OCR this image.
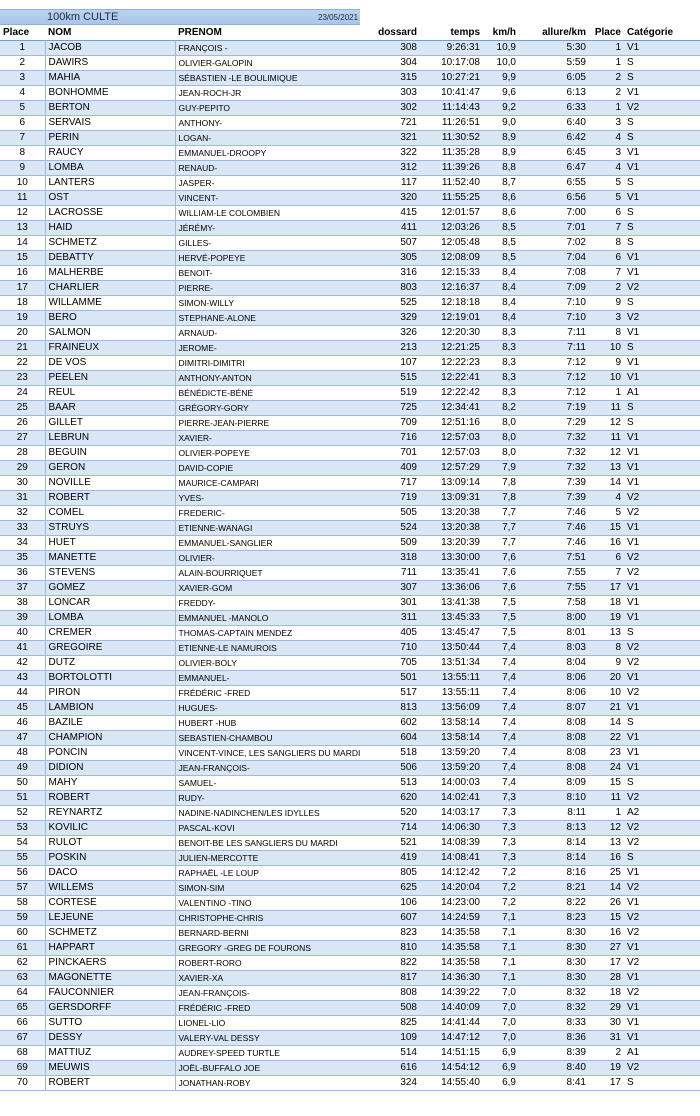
100km CULTE	23/05/2021
Place	NOM	PRENOM	dossard	temps	km/h	allure/km	Place	Catégorie
1	JACOB	FRANÇOIS -	308	9:26:31	10,9	5:30	1	V1
2	DAWIRS	OLIVIER-GALOPIN	304	10:17:08	10,0	5:59	1	S
3	MAHIA	SÉBASTIEN -LE BOULIMIQUE	315	10:27:21	9,9	6:05	2	S
4	BONHOMME	JEAN-ROCH-JR	303	10:41:47	9,6	6:13	2	V1
5	BERTON	GUY-PEPITO	302	11:14:43	9,2	6:33	1	V2
6	SERVAIS	ANTHONY-	721	11:26:51	9,0	6:40	3	S
7	PERIN	LOGAN-	321	11:30:52	8,9	6:42	4	S
8	RAUCY	EMMANUEL-DROOPY	322	11:35:28	8,9	6:45	3	V1
9	LOMBA	RENAUD-	312	11:39:26	8,8	6:47	4	V1
10	LANTERS	JASPER-	117	11:52:40	8,7	6:55	5	S
11	OST	VINCENT-	320	11:55:25	8,6	6:56	5	V1
12	LACROSSE	WILLIAM-LE COLOMBIEN	415	12:01:57	8,6	7:00	6	S
13	HAID	JÉRÉMY-	411	12:03:26	8,5	7:01	7	S
14	SCHMETZ	GILLES-	507	12:05:48	8,5	7:02	8	S
15	DEBATTY	HERVÉ-POPEYE	305	12:08:09	8,5	7:04	6	V1
16	MALHERBE	BENOIT-	316	12:15:33	8,4	7:08	7	V1
17	CHARLIER	PIERRE-	803	12:16:37	8,4	7:09	2	V2
18	WILLAMME	SIMON-WILLY	525	12:18:18	8,4	7:10	9	S
19	BERO	STEPHANE-ALONE	329	12:19:01	8,4	7:10	3	V2
20	SALMON	ARNAUD-	326	12:20:30	8,3	7:11	8	V1
21	FRAINEUX	JEROME-	213	12:21:25	8,3	7:11	10	S
22	DE VOS	DIMITRI-DIMITRI	107	12:22:23	8,3	7:12	9	V1
23	PEELEN	ANTHONY-ANTON	515	12:22:41	8,3	7:12	10	V1
24	REUL	BÉNÉDICTE-BÉNÉ	519	12:22:42	8,3	7:12	1	A1
25	BAAR	GRÉGORY-GORY	725	12:34:41	8,2	7:19	11	S
26	GILLET	PIERRE-JEAN-PIERRE	709	12:51:16	8,0	7:29	12	S
27	LEBRUN	XAVIER-	716	12:57:03	8,0	7:32	11	V1
28	BEGUIN	OLIVIER-POPEYE	701	12:57:03	8,0	7:32	12	V1
29	GERON	DAVID-COPIE	409	12:57:29	7,9	7:32	13	V1
30	NOVILLE	MAURICE-CAMPARI	717	13:09:14	7,8	7:39	14	V1
31	ROBERT	YVES-	719	13:09:31	7,8	7:39	4	V2
32	COMEL	FREDERIC-	505	13:20:38	7,7	7:46	5	V2
33	STRUYS	ETIENNE-WANAGI	524	13:20:38	7,7	7:46	15	V1
34	HUET	EMMANUEL-SANGLIER	509	13:20:39	7,7	7:46	16	V1
35	MANETTE	OLIVIER-	318	13:30:00	7,6	7:51	6	V2
36	STEVENS	ALAIN-BOURRIQUET	711	13:35:41	7,6	7:55	7	V2
37	GOMEZ	XAVIER-GOM	307	13:36:06	7,6	7:55	17	V1
38	LONCAR	FREDDY-	301	13:41:38	7,5	7:58	18	V1
39	LOMBA	EMMANUEL -MANOLO	311	13:45:33	7,5	8:00	19	V1
40	CREMER	THOMAS-CAPTAIN MENDEZ	405	13:45:47	7,5	8:01	13	S
41	GREGOIRE	ETIENNE-LE NAMUROIS	710	13:50:44	7,4	8:03	8	V2
42	DUTZ	OLIVIER-BOLY	705	13:51:34	7,4	8:04	9	V2
43	BORTOLOTTI	EMMANUEL-	501	13:55:11	7,4	8:06	20	V1
44	PIRON	FRÉDÉRIC -FRED	517	13:55:11	7,4	8:06	10	V2
45	LAMBION	HUGUES-	813	13:56:09	7,4	8:07	21	V1
46	BAZILE	HUBERT -HUB	602	13:58:14	7,4	8:08	14	S
47	CHAMPION	SEBASTIEN-CHAMBOU	604	13:58:14	7,4	8:08	22	V1
48	PONCIN	VINCENT-VINCE, LES SANGLIERS DU MARDI	518	13:59:20	7,4	8:08	23	V1
49	DIDION	JEAN-FRANÇOIS-	506	13:59:20	7,4	8:08	24	V1
50	MAHY	SAMUEL-	513	14:00:03	7,4	8:09	15	S
51	ROBERT	RUDY-	620	14:02:41	7,3	8:10	11	V2
52	REYNARTZ	NADINE-NADINCHEN/LES IDYLLES	520	14:03:17	7,3	8:11	1	A2
53	KOVILIC	PASCAL-KOVI	714	14:06:30	7,3	8:13	12	V2
54	RULOT	BENOIT-BE LES SANGLIERS DU MARDI	521	14:08:39	7,3	8:14	13	V2
55	POSKIN	JULIEN-MERCOTTE	419	14:08:41	7,3	8:14	16	S
56	DACO	RAPHAËL -LE LOUP	805	14:12:42	7,2	8:16	25	V1
57	WILLEMS	SIMON-SIM	625	14:20:04	7,2	8:21	14	V2
58	CORTESE	VALENTINO -TINO	106	14:23:00	7,2	8:22	26	V1
59	LEJEUNE	CHRISTOPHE-CHRIS	607	14:24:59	7,1	8:23	15	V2
60	SCHMETZ	BERNARD-BERNI	823	14:35:58	7,1	8:30	16	V2
61	HAPPART	GREGORY -GREG DE FOURONS	810	14:35:58	7,1	8:30	27	V1
62	PINCKAERS	ROBERT-RORO	822	14:35:58	7,1	8:30	17	V2
63	MAGONETTE	XAVIER-XA	817	14:36:30	7,1	8:30	28	V1
64	FAUCONNIER	JEAN-FRANÇOIS-	808	14:39:22	7,0	8:32	18	V2
65	GERSDORFF	FRÉDÉRIC -FRED	508	14:40:09	7,0	8:32	29	V1
66	SUTTO	LIONEL-LIO	825	14:41:44	7,0	8:33	30	V1
67	DESSY	VALERY-VAL DESSY	109	14:47:12	7,0	8:36	31	V1
68	MATTIUZ	AUDREY-SPEED TURTLE	514	14:51:15	6,9	8:39	2	A1
69	MEUWIS	JOËL-BUFFALO JOE	616	14:54:12	6,9	8:40	19	V2
70	ROBERT	JONATHAN-ROBY	324	14:55:40	6,9	8:41	17	S
